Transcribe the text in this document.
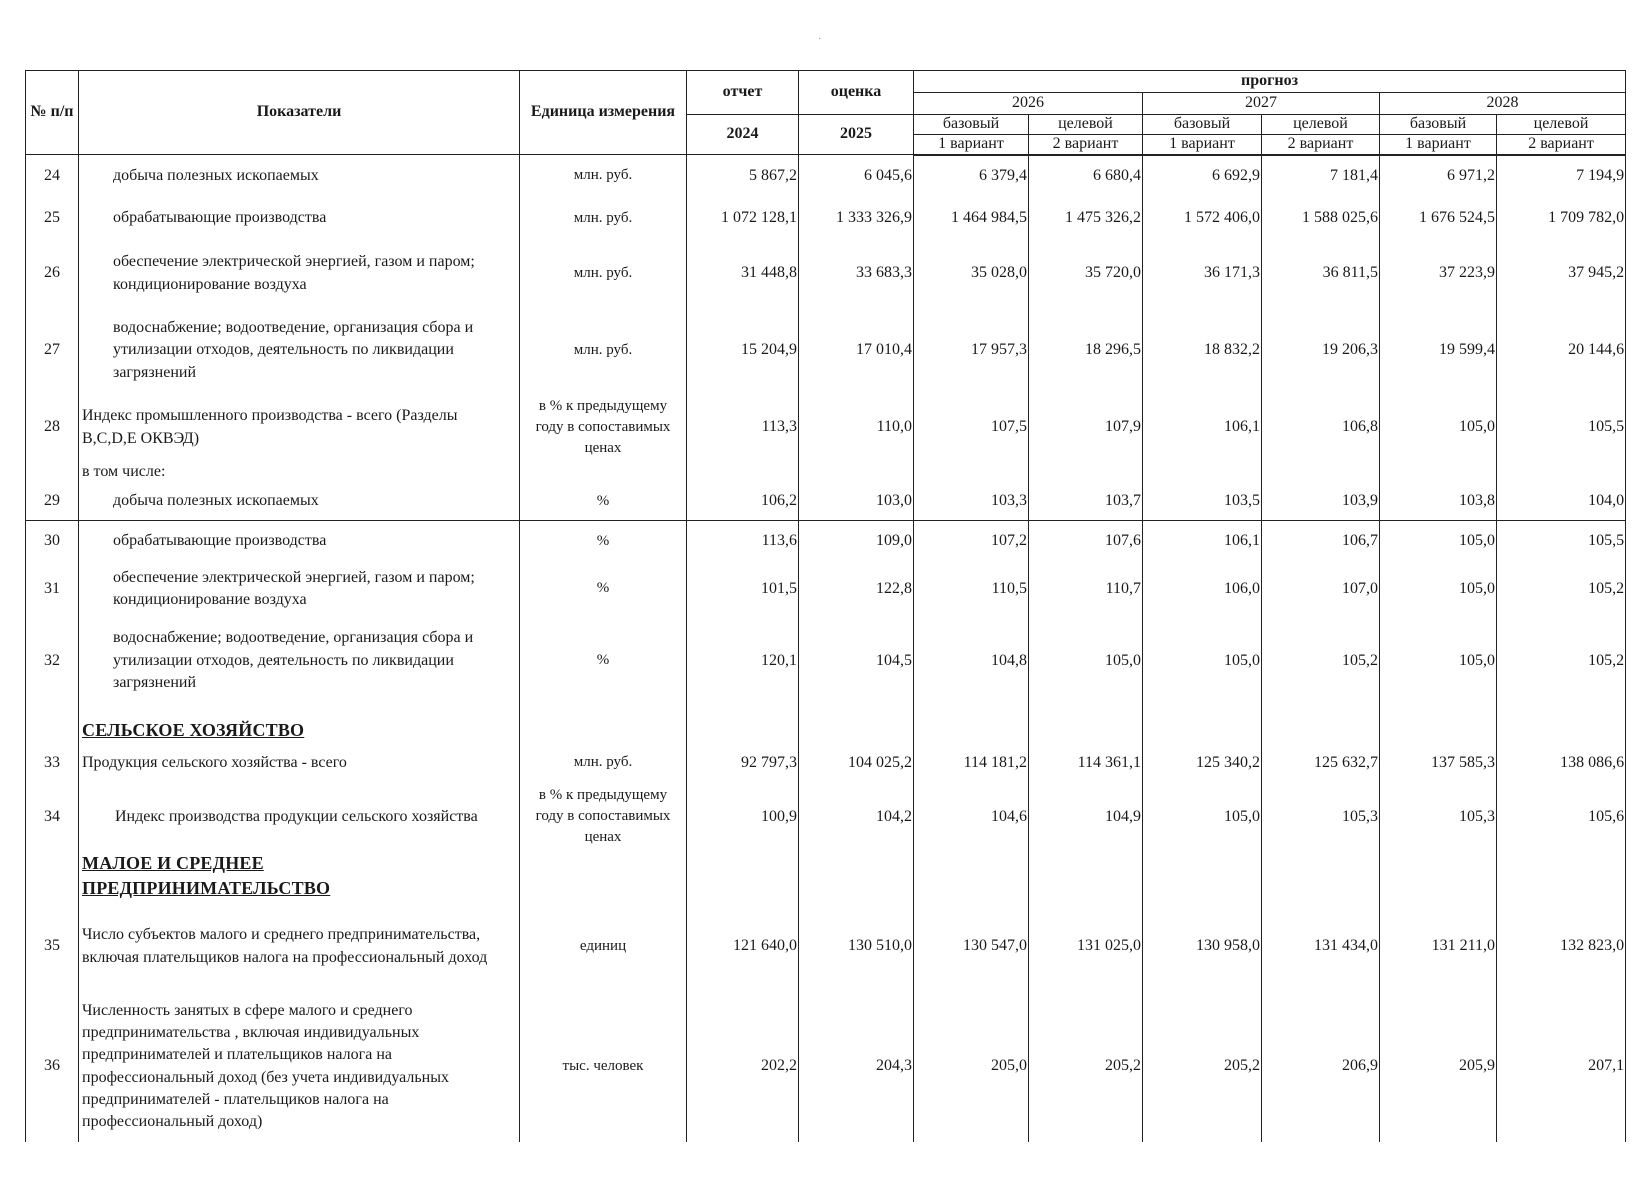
№ п/п	Показатели	Единица измерения	отчет	оценка	прогноз					
					2026		2027		2028	
			2024	2025	базовый	целевой	базовый	целевой	базовый	целевой
					1 вариант	2 вариант	1 вариант	2 вариант	1 вариант	2 вариант
24	добыча полезных ископаемых	млн. руб.	5 867,2	6 045,6	6 379,4	6 680,4	6 692,9	7 181,4	6 971,2	7 194,9
25	обрабатывающие производства	млн. руб.	1 072 128,1	1 333 326,9	1 464 984,5	1 475 326,2	1 572 406,0	1 588 025,6	1 676 524,5	1 709 782,0
26	обеспечение электрической энергией, газом и паром; кондиционирование воздуха	млн. руб.	31 448,8	33 683,3	35 028,0	35 720,0	36 171,3	36 811,5	37 223,9	37 945,2
27	водоснабжение; водоотведение, организация сбора и утилизации отходов, деятельность по ликвидации загрязнений	млн. руб.	15 204,9	17 010,4	17 957,3	18 296,5	18 832,2	19 206,3	19 599,4	20 144,6
28	Индекс промышленного производства - всего (Разделы В,С,D,Е ОКВЭД)	в % к предыдущему году в сопоставимых ценах	113,3	110,0	107,5	107,9	106,1	106,8	105,0	105,5
	в том числе:									
29	добыча полезных ископаемых	%	106,2	103,0	103,3	103,7	103,5	103,9	103,8	104,0
30	обрабатывающие производства	%	113,6	109,0	107,2	107,6	106,1	106,7	105,0	105,5
31	обеспечение электрической энергией, газом и паром; кондиционирование воздуха	%	101,5	122,8	110,5	110,7	106,0	107,0	105,0	105,2
32	водоснабжение; водоотведение, организация сбора и утилизации отходов, деятельность по ликвидации загрязнений	%	120,1	104,5	104,8	105,0	105,0	105,2	105,0	105,2
	СЕЛЬСКОЕ ХОЗЯЙСТВО									
33	Продукция сельского хозяйства - всего	млн. руб.	92 797,3	104 025,2	114 181,2	114 361,1	125 340,2	125 632,7	137 585,3	138 086,6
34	Индекс производства продукции сельского хозяйства	в % к предыдущему году в сопоставимых ценах	100,9	104,2	104,6	104,9	105,0	105,3	105,3	105,6
	МАЛОЕ И СРЕДНЕЕ ПРЕДПРИНИМАТЕЛЬСТВО									
35	Число субъектов малого и среднего предпринимательства, включая плательщиков налога на профессиональный доход	единиц	121 640,0	130 510,0	130 547,0	131 025,0	130 958,0	131 434,0	131 211,0	132 823,0
36	Численность занятых в сфере малого и среднего предпринимательства , включая индивидуальных предпринимателей и плательщиков налога на профессиональный доход (без учета индивидуальных предпринимателей - плательщиков налога на профессиональный доход)	тыс. человек	202,2	204,3	205,0	205,2	205,2	206,9	205,9	207,1
·
